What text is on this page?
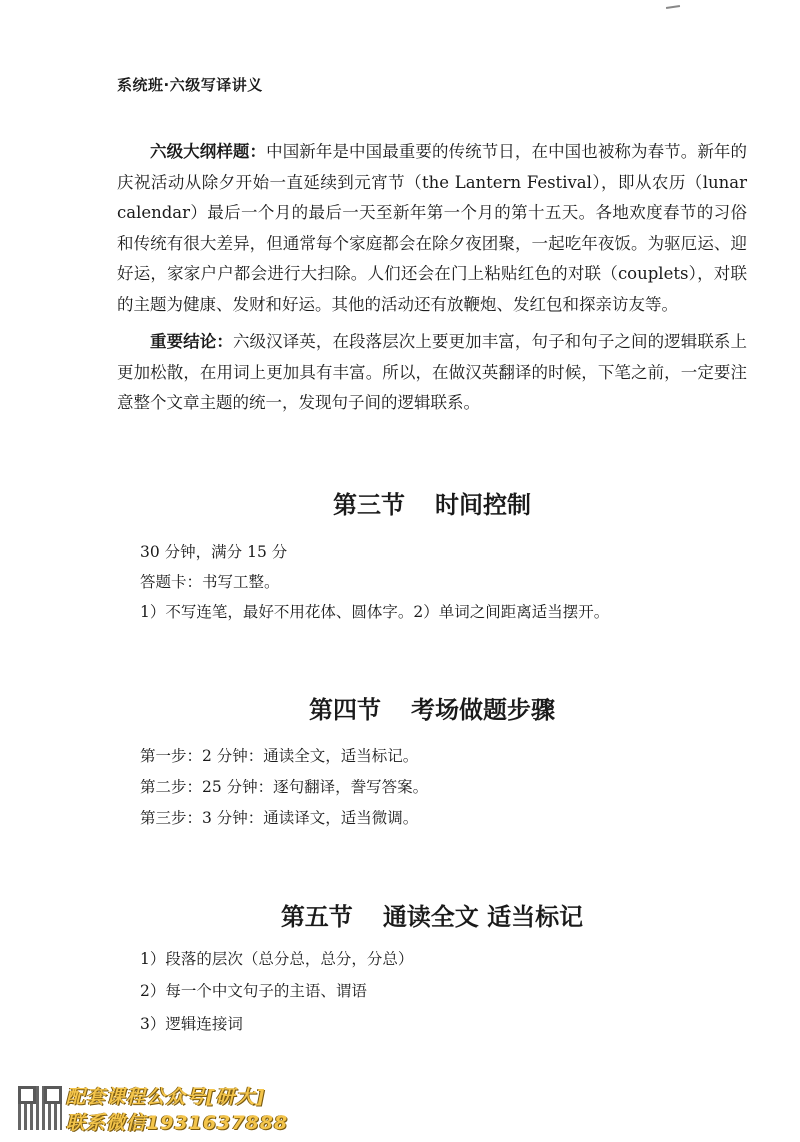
系统班·六级写译讲义
六级大纲样题：中国新年是中国最重要的传统节日，在中国也被称为春节。新年的庆祝活动从除夕开始一直延续到元宵节（the Lantern Festival），即从农历（lunar calendar）最后一个月的最后一天至新年第一个月的第十五天。各地欢度春节的习俗和传统有很大差异，但通常每个家庭都会在除夕夜团聚，一起吃年夜饭。为驱厄运、迎好运，家家户户都会进行大扫除。人们还会在门上粘贴红色的对联（couplets），对联的主题为健康、发财和好运。其他的活动还有放鞭炮、发红包和探亲访友等。
重要结论：六级汉译英，在段落层次上要更加丰富，句子和句子之间的逻辑联系上更加松散，在用词上更加具有丰富。所以，在做汉英翻译的时候，下笔之前，一定要注意整个文章主题的统一，发现句子间的逻辑联系。
第三节 时间控制
30 分钟，满分 15 分
答题卡：书写工整。
1）不写连笔，最好不用花体、圆体字。2）单词之间距离适当摆开。
第四节 考场做题步骤
第一步：2 分钟：通读全文，适当标记。
第二步：25 分钟：逐句翻译，誊写答案。
第三步：3 分钟：通读译文，适当微调。
第五节 通读全文 适当标记
1）段落的层次（总分总，总分，分总）
2）每一个中文句子的主语、谓语
3）逻辑连接词
配套课程公众号[研大]
联系微信1931637888
